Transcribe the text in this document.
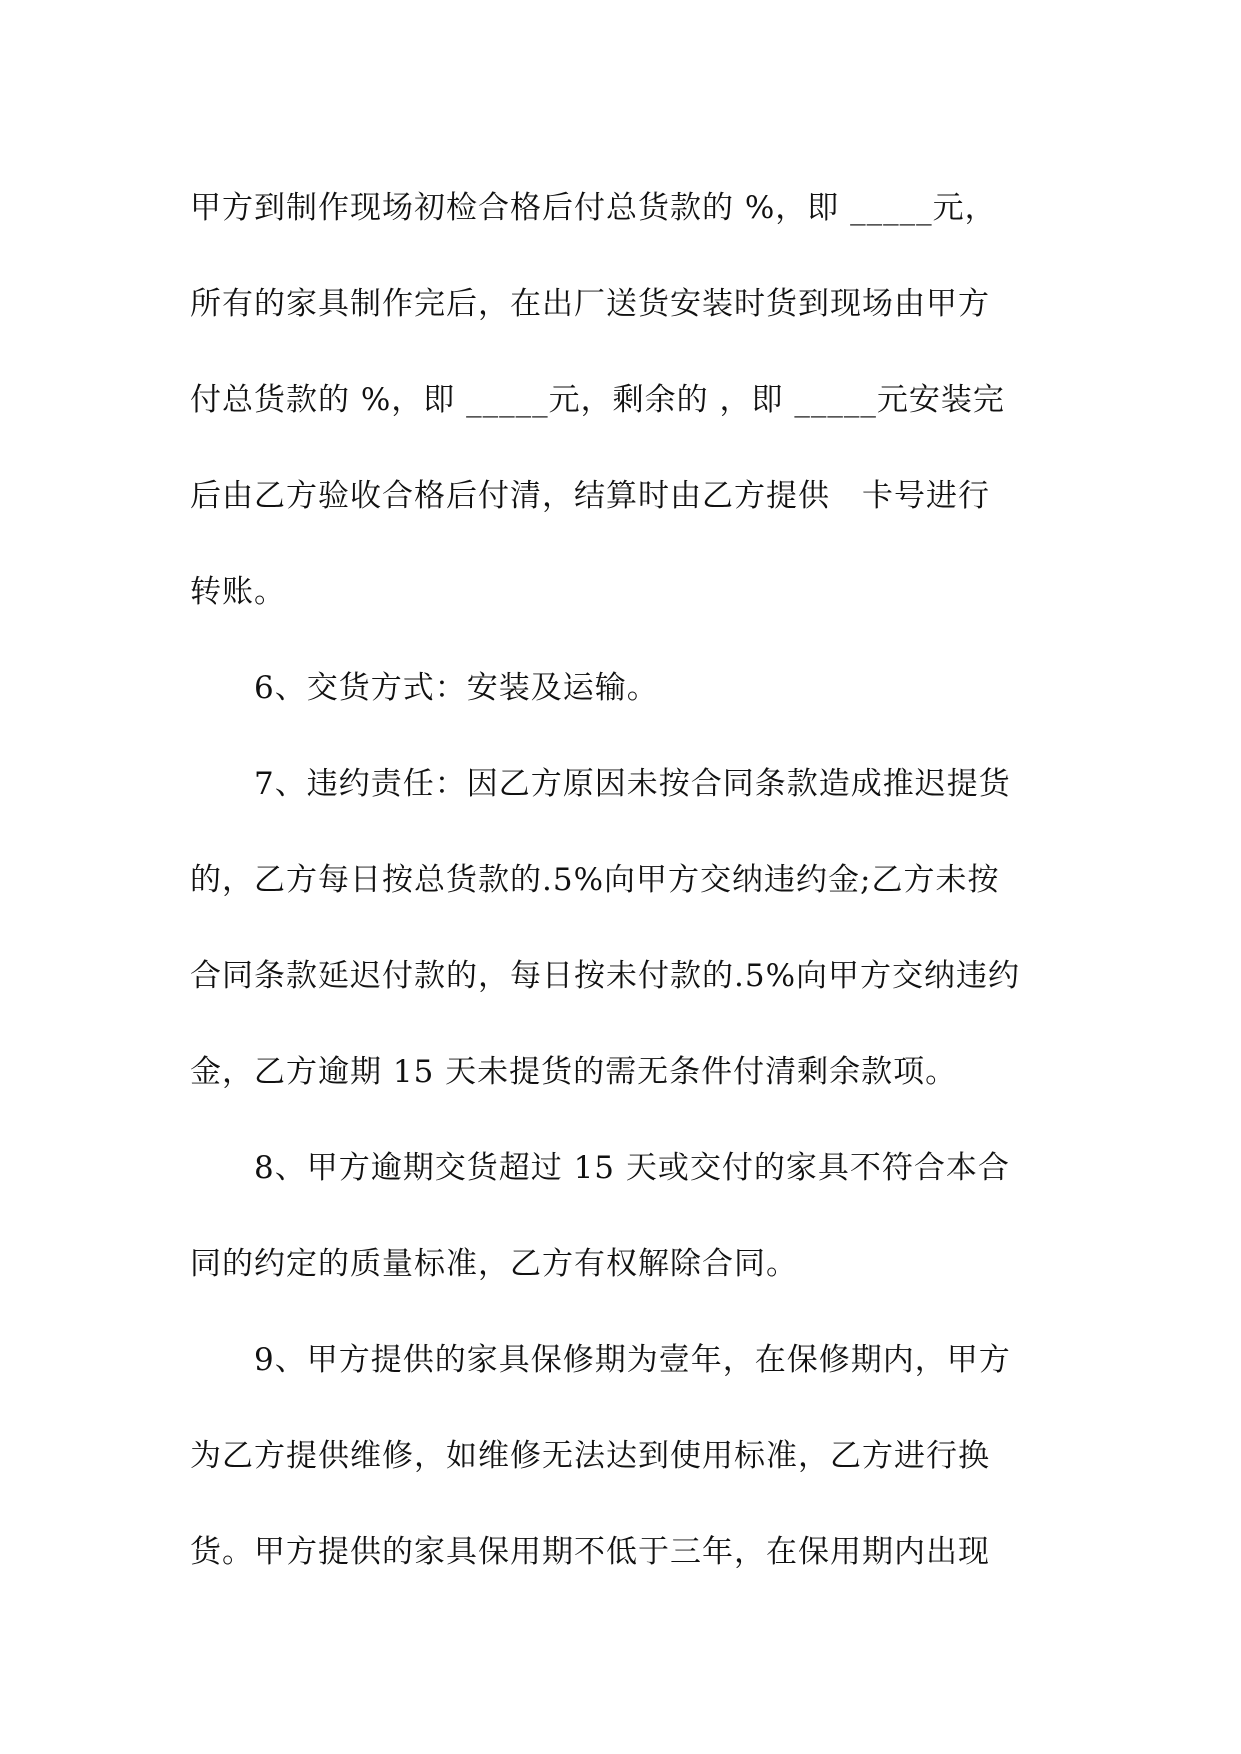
甲方到制作现场初检合格后付总货款的 %，即 _____元，
所有的家具制作完后，在出厂送货安装时货到现场由甲方
付总货款的 %，即 _____元，剩余的 ，即 _____元安装完
后由乙方验收合格后付清，结算时由乙方提供　卡号进行
转账。
　　6、交货方式：安装及运输。
　　7、违约责任：因乙方原因未按合同条款造成推迟提货
的，乙方每日按总货款的.5%向甲方交纳违约金;乙方未按
合同条款延迟付款的，每日按未付款的.5%向甲方交纳违约
金，乙方逾期 15 天未提货的需无条件付清剩余款项。
　　8、甲方逾期交货超过 15 天或交付的家具不符合本合
同的约定的质量标准，乙方有权解除合同。
　　9、甲方提供的家具保修期为壹年，在保修期内，甲方
为乙方提供维修，如维修无法达到使用标准，乙方进行换
货。甲方提供的家具保用期不低于三年，在保用期内出现
